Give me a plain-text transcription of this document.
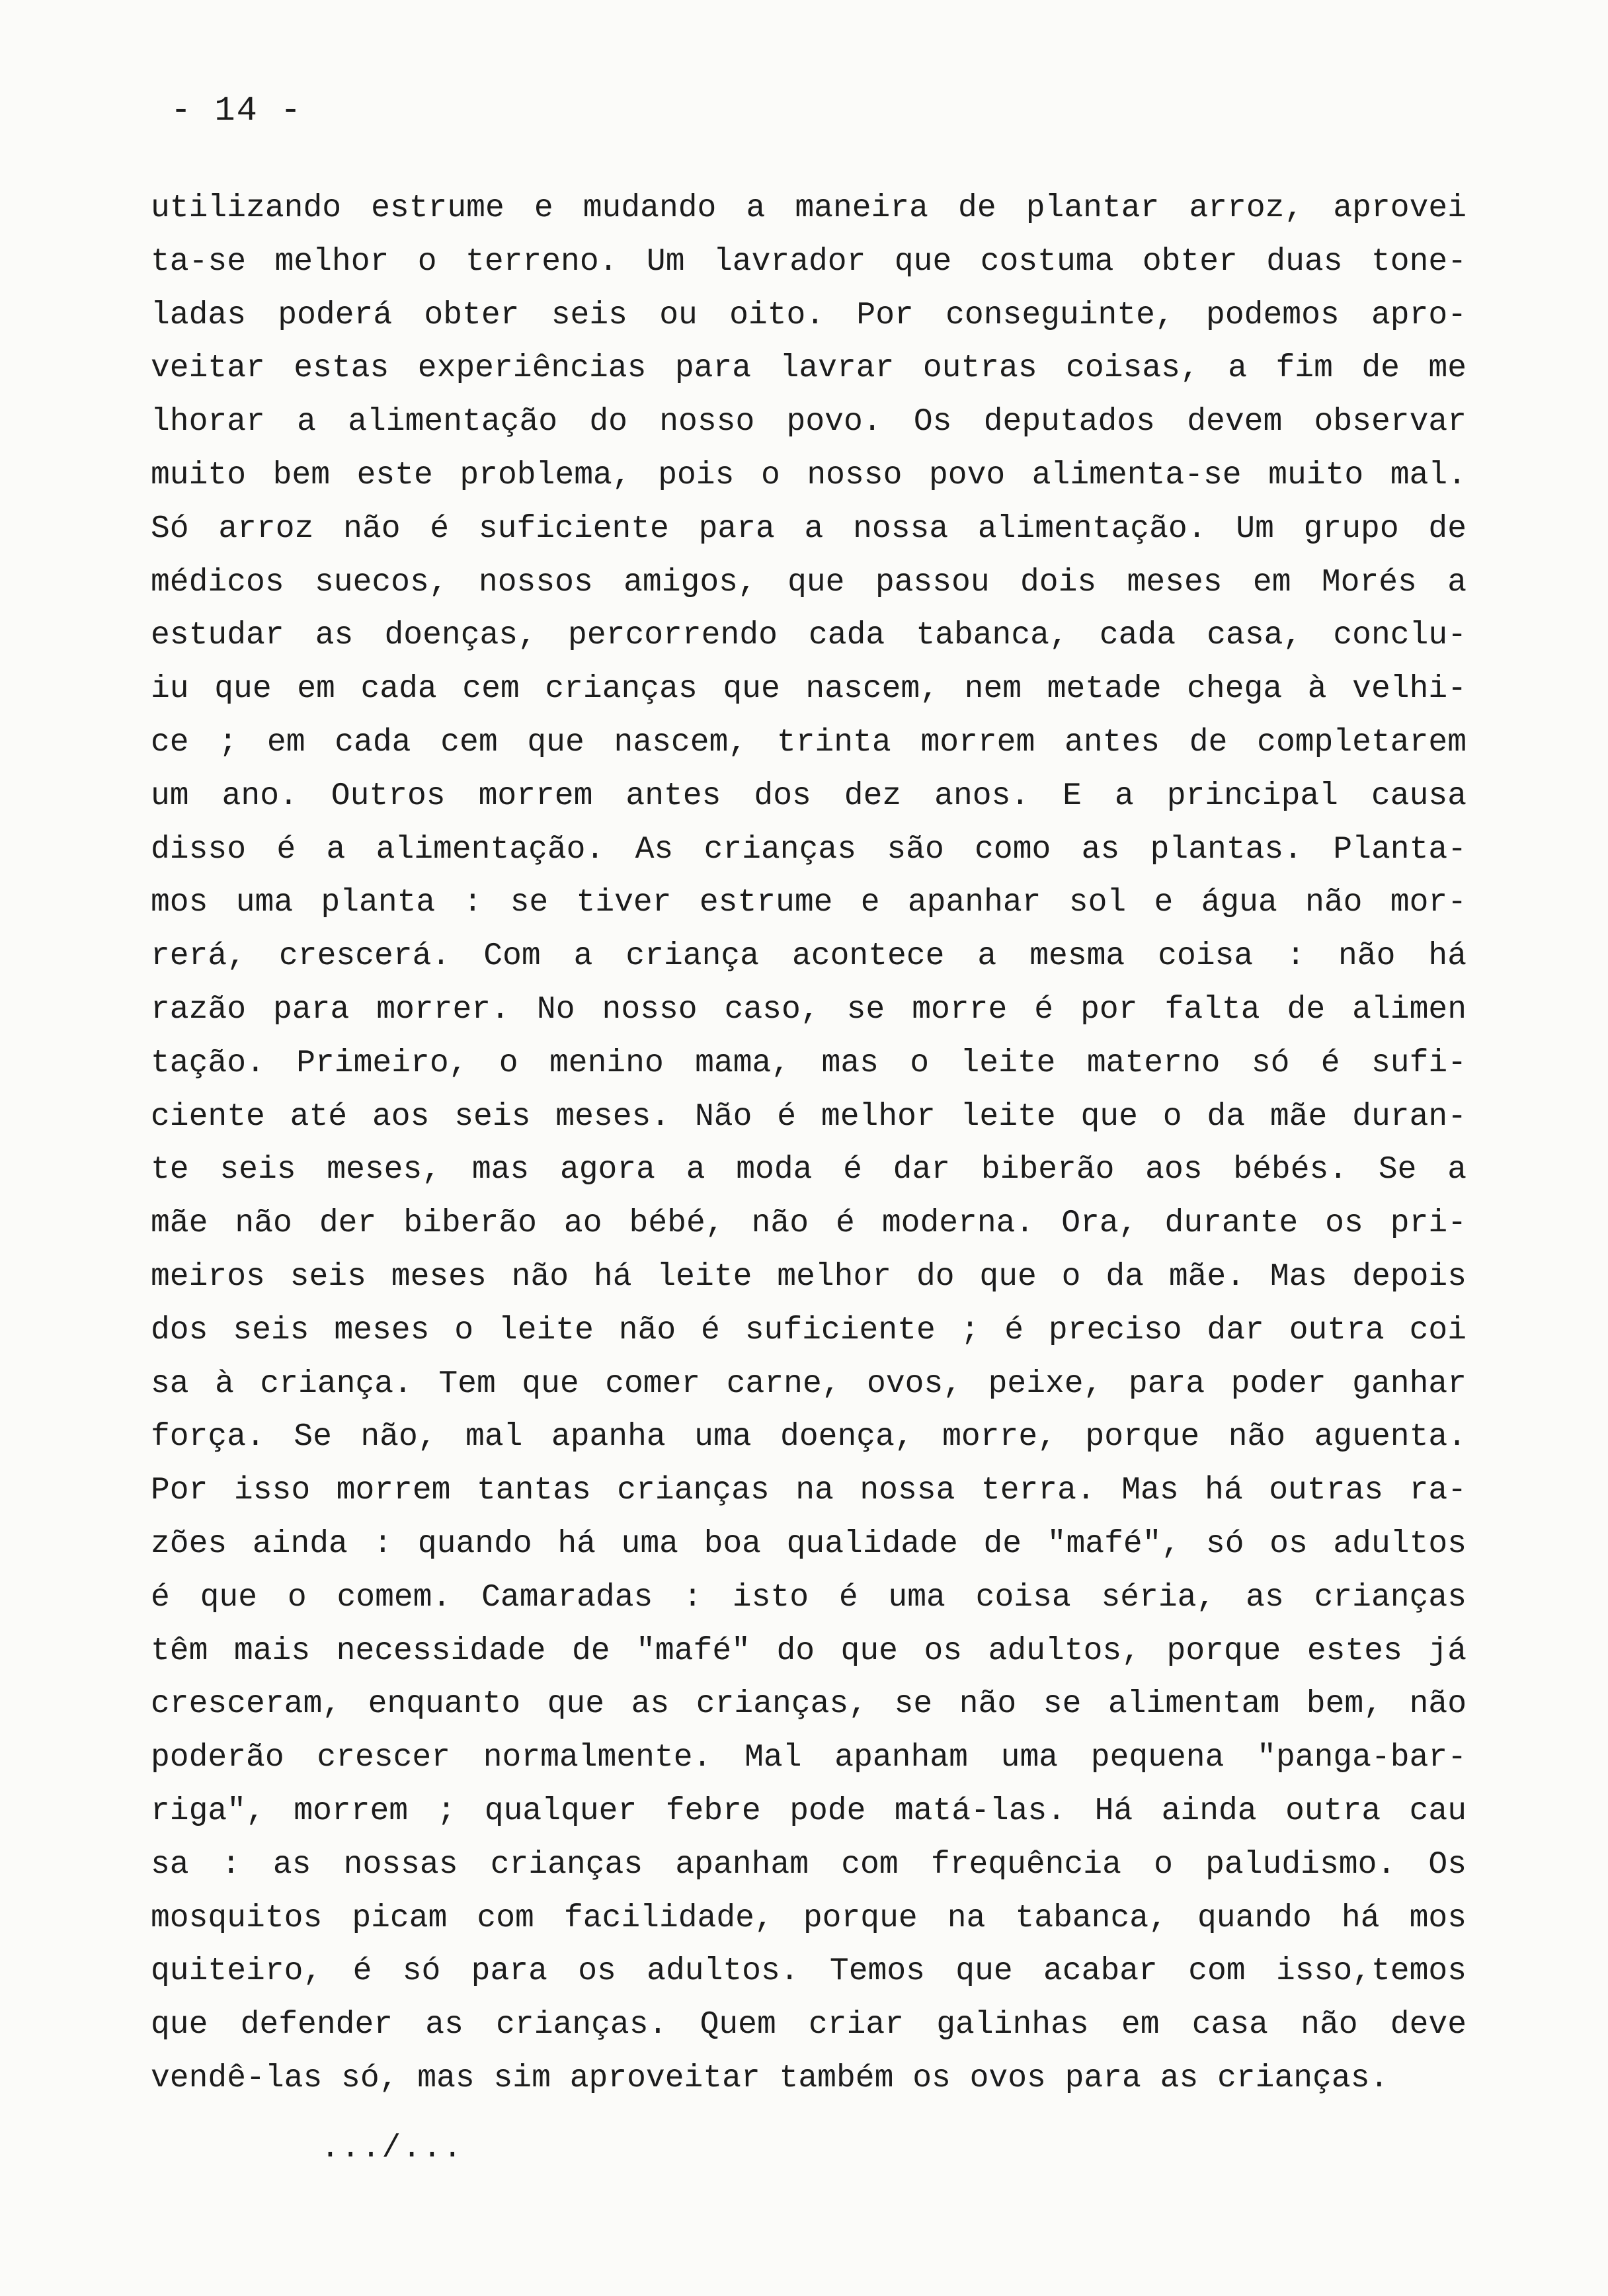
- 14 -
utilizando estrume e mudando a maneira de plantar arroz, aprovei
ta-se melhor o terreno. Um lavrador que costuma obter duas tone-
ladas poderá obter seis ou oito. Por conseguinte, podemos apro-
veitar estas experiências para lavrar outras coisas, a fim de me
lhorar a alimentação do nosso povo. Os deputados devem observar
muito bem este problema, pois o nosso povo alimenta-se muito mal.
Só arroz não é suficiente para a nossa alimentação. Um grupo de
médicos suecos, nossos amigos, que passou dois meses em Morés a
estudar as doenças, percorrendo cada tabanca, cada casa, conclu-
iu que em cada cem crianças que nascem, nem metade chega à velhi-
ce ; em cada cem que nascem, trinta morrem antes de completarem
um ano. Outros morrem antes dos dez anos. E a principal causa
disso é a alimentação. As crianças são como as plantas. Planta-
mos uma planta : se tiver estrume e apanhar sol e água não mor-
rerá, crescerá. Com a criança acontece a mesma coisa : não há
razão para morrer. No nosso caso, se morre é por falta de alimen
tação. Primeiro, o menino mama, mas o leite materno só é sufi-
ciente até aos seis meses. Não é melhor leite que o da mãe duran-
te seis meses, mas agora a moda é dar biberão aos bébés. Se a
mãe não der biberão ao bébé, não é moderna. Ora, durante os pri-
meiros seis meses não há leite melhor do que o da mãe. Mas depois
dos seis meses o leite não é suficiente ; é preciso dar outra coi
sa à criança. Tem que comer carne, ovos, peixe, para poder ganhar
força. Se não, mal apanha uma doença, morre, porque não aguenta.
Por isso morrem tantas crianças na nossa terra. Mas há outras ra-
zões ainda : quando há uma boa qualidade de "mafé", só os adultos
é que o comem. Camaradas : isto é uma coisa séria, as crianças
têm mais necessidade de "mafé" do que os adultos, porque estes já
cresceram, enquanto que as crianças, se não se alimentam bem, não
poderão crescer normalmente. Mal apanham uma pequena "panga-bar-
riga", morrem ; qualquer febre pode matá-las. Há ainda outra cau
sa : as nossas crianças apanham com frequência o paludismo. Os
mosquitos picam com facilidade, porque na tabanca, quando há mos
quiteiro, é só para os adultos. Temos que acabar com isso,temos
que defender as crianças. Quem criar galinhas em casa não deve
vendê-las só, mas sim aproveitar também os ovos para as crianças.
.../...
